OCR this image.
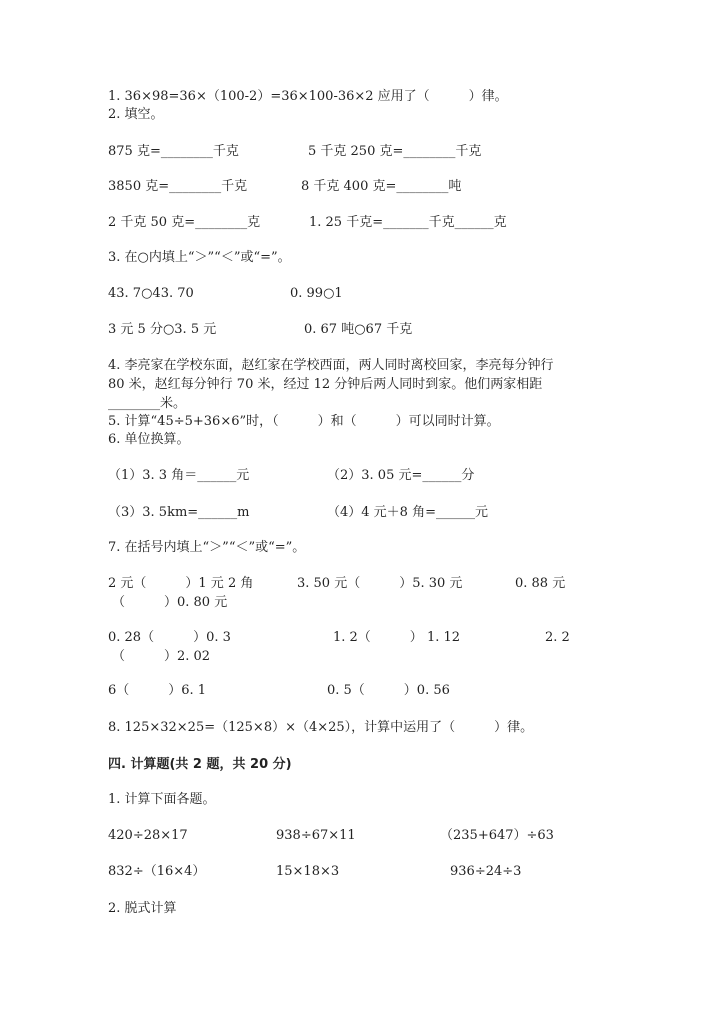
1. 36×98=36×（100-2）=36×100-36×2 应用了（　　　）律。
2. 填空。
875 克=________千克	5 千克 250 克=________千克
3850 克=________千克	8 千克 400 克=________吨
2 千克 50 克=________克	1. 25 千克=_______千克______克
3. 在○内填上“＞”“＜”或“=”。
43. 7○43. 70	0. 99○1
3 元 5 分○3. 5 元	0. 67 吨○67 千克
4. 李亮家在学校东面，赵红家在学校西面，两人同时离校回家，李亮每分钟行
80 米，赵红每分钟行 70 米，经过 12 分钟后两人同时到家。他们两家相距
________米。
5. 计算“45÷5+36×6”时，（　　　）和（　　　）可以同时计算。
6. 单位换算。
（1）3. 3 角＝______元	（2）3. 05 元=______分
（3）3. 5km=______m	（4）4 元＋8 角=______元
7. 在括号内填上“＞”“＜”或“=”。
2 元（　　　）1 元 2 角	3. 50 元（　　　）5. 30 元	0. 88 元
（　　　）0. 80 元
0. 28（　　　）0. 3	1. 2（　　　） 1. 12	2. 2
（　　　）2. 02
6（　　　）6. 1	0. 5（　　　）0. 56
8. 125×32×25=（125×8）×（4×25），计算中运用了（　　　）律。
四. 计算题(共 2 题，共 20 分)
1. 计算下面各题。
420÷28×17	938÷67×11	（235+647）÷63
832÷（16×4）	15×18×3	936÷24÷3
2. 脱式计算
